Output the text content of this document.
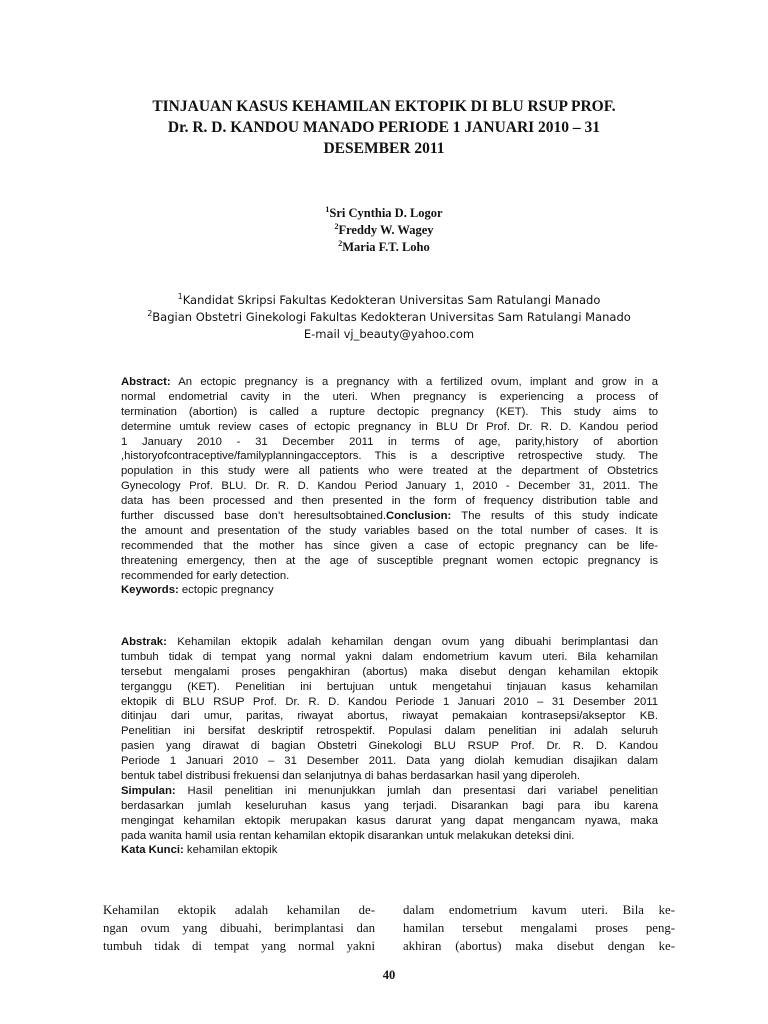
TINJAUAN KASUS KEHAMILAN EKTOPIK DI BLU RSUP PROF.
Dr. R. D. KANDOU MANADO PERIODE 1 JANUARI 2010 – 31
DESEMBER 2011
$^1$Sri Cynthia D. Logor
$^2$Freddy W. Wagey
$^2$Maria F.T. Loho
$^1$Kandidat Skripsi Fakultas Kedokteran Universitas Sam Ratulangi Manado
$^2$Bagian Obstetri Ginekologi Fakultas Kedokteran Universitas Sam Ratulangi Manado
E-mail vj_beauty@yahoo.com
Abstract: An ectopic pregnancy is a pregnancy with a fertilized ovum, implant and grow in a
normal endometrial cavity in the uteri. When pregnancy is experiencing a process of
termination (abortion) is called a rupture dectopic pregnancy (KET). This study aims to
determine umtuk review cases of ectopic pregnancy in BLU Dr Prof. Dr. R. D. Kandou period
1 January 2010 - 31 December 2011 in terms of age, parity,history of abortion
,historyofcontraceptive/familyplanningacceptors. This is a descriptive retrospective study. The
population in this study were all patients who were treated at the department of Obstetrics
Gynecology Prof. BLU. Dr. R. D. Kandou Period January 1, 2010 - December 31, 2011. The
data has been processed and then presented in the form of frequency distribution table and
further discussed base don’t heresultsobtained.Conclusion: The results of this study indicate
the amount and presentation of the study variables based on the total number of cases. It is
recommended that the mother has since given a case of ectopic pregnancy can be life-
threatening emergency, then at the age of susceptible pregnant women ectopic pregnancy is
recommended for early detection.
Keywords: ectopic pregnancy
Abstrak: Kehamilan ektopik adalah kehamilan dengan ovum yang dibuahi berimplantasi dan
tumbuh tidak di tempat yang normal yakni dalam endometrium kavum uteri. Bila kehamilan
tersebut mengalami proses pengakhiran (abortus) maka disebut dengan kehamilan ektopik
terganggu (KET). Penelitian ini bertujuan untuk mengetahui tinjauan kasus kehamilan
ektopik di BLU RSUP Prof. Dr. R. D. Kandou Periode 1 Januari 2010 – 31 Desember 2011
ditinjau dari umur, paritas, riwayat abortus, riwayat pemakaian kontrasepsi/akseptor KB.
Penelitian ini bersifat deskriptif retrospektif. Populasi dalam penelitian ini adalah seluruh
pasien yang dirawat di bagian Obstetri Ginekologi BLU RSUP Prof. Dr. R. D. Kandou
Periode 1 Januari 2010 – 31 Desember 2011. Data yang diolah kemudian disajikan dalam
bentuk tabel distribusi frekuensi dan selanjutnya di bahas berdasarkan hasil yang diperoleh.
Simpulan: Hasil penelitian ini menunjukkan jumlah dan presentasi dari variabel penelitian
berdasarkan jumlah keseluruhan kasus yang terjadi. Disarankan bagi para ibu karena
mengingat kehamilan ektopik merupakan kasus darurat yang dapat mengancam nyawa, maka
pada wanita hamil usia rentan kehamilan ektopik disarankan untuk melakukan deteksi dini.
Kata Kunci: kehamilan ektopik
Kehamilan ektopik adalah kehamilan de-
ngan ovum yang dibuahi, berimplantasi dan
tumbuh tidak di tempat yang normal yakni
dalam endometrium kavum uteri. Bila ke-
hamilan tersebut mengalami proses peng-
akhiran (abortus) maka disebut dengan ke-
40
